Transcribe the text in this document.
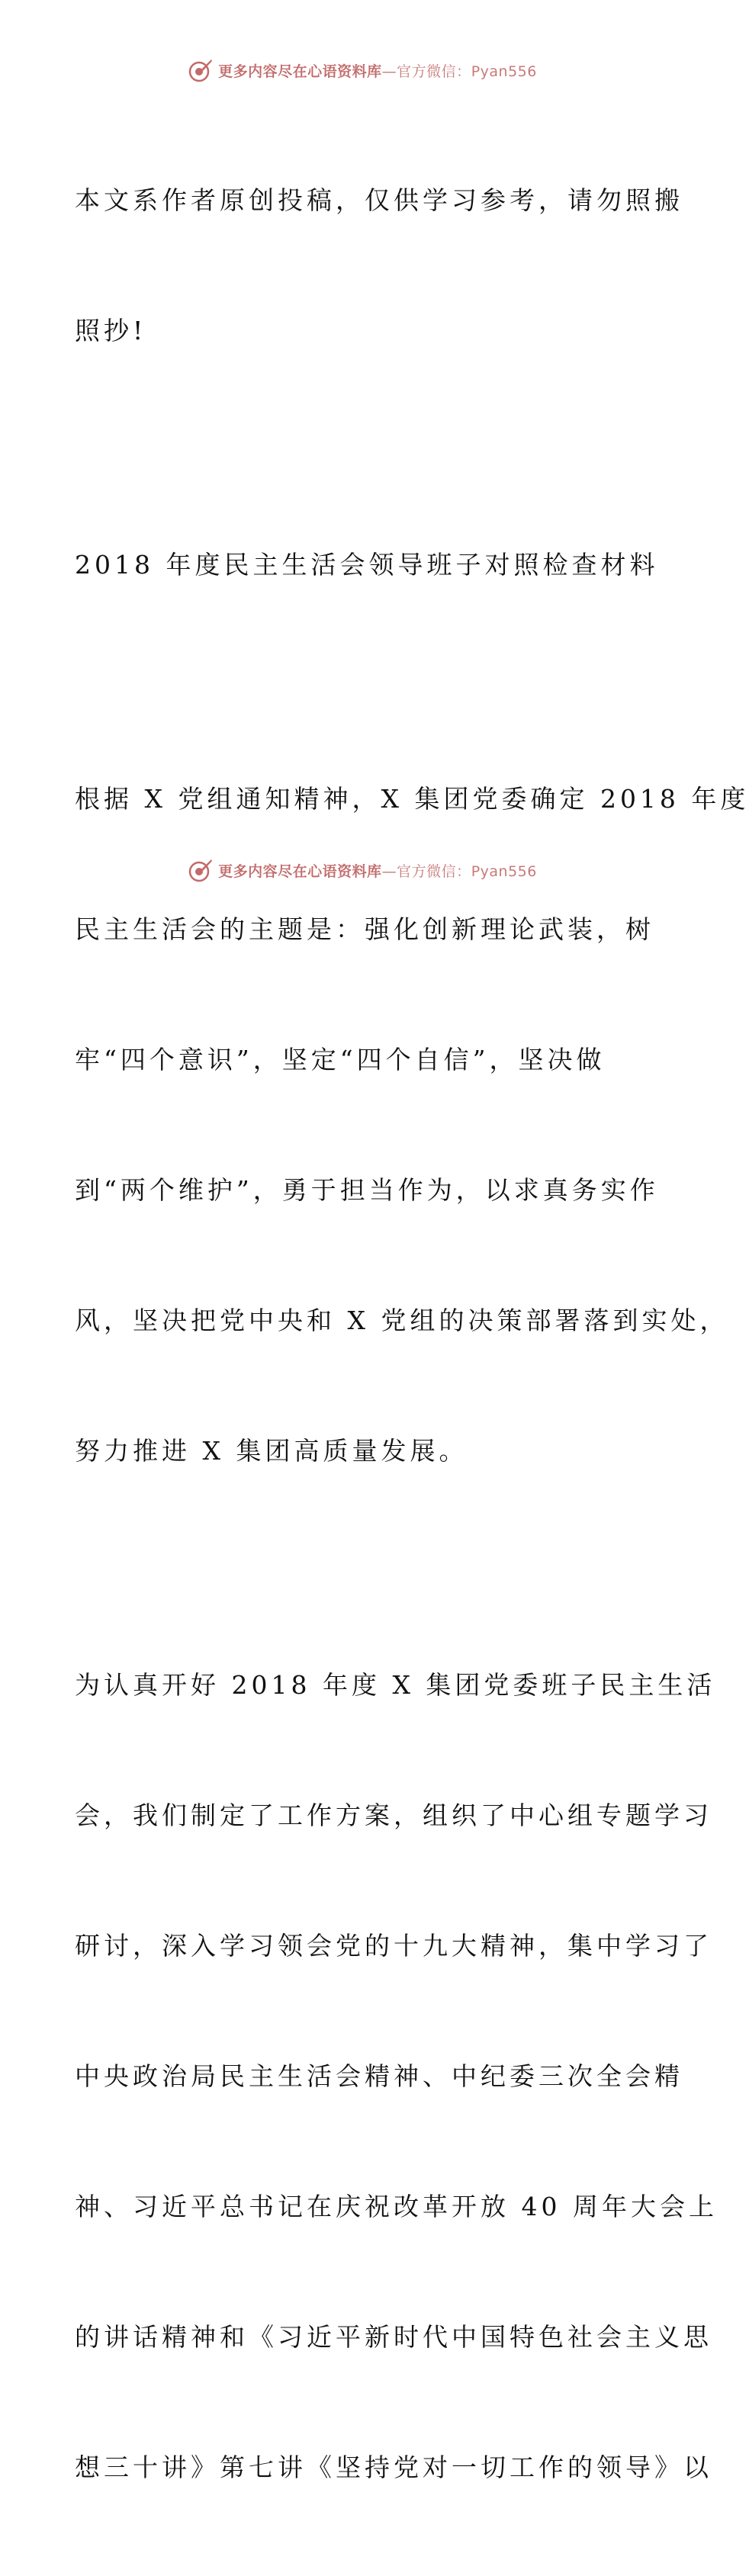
更多内容尽在心语资料库—官方微信：Pyan556

本文系作者原创投稿，仅供学习参考，请勿照搬

照抄!

2018 年度民主生活会领导班子对照检查材料

根据 X 党组通知精神，X 集团党委确定 2018 年度

民主生活会的主题是：强化创新理论武装，树

牢“四个意识”，坚定“四个自信”，坚决做

到“两个维护”，勇于担当作为，以求真务实作

风，坚决把党中央和 X 党组的决策部署落到实处，

努力推进 X 集团高质量发展。

为认真开好 2018 年度 X 集团党委班子民主生活

会，我们制定了工作方案，组织了中心组专题学习

研讨，深入学习领会党的十九大精神，集中学习了

中央政治局民主生活会精神、中纪委三次全会精

神、习近平总书记在庆祝改革开放 40 周年大会上

的讲话精神和《习近平新时代中国特色社会主义思

想三十讲》第七讲《坚持党对一切工作的领导》以

更多内容尽在心语资料库—官方微信：Pyan556
